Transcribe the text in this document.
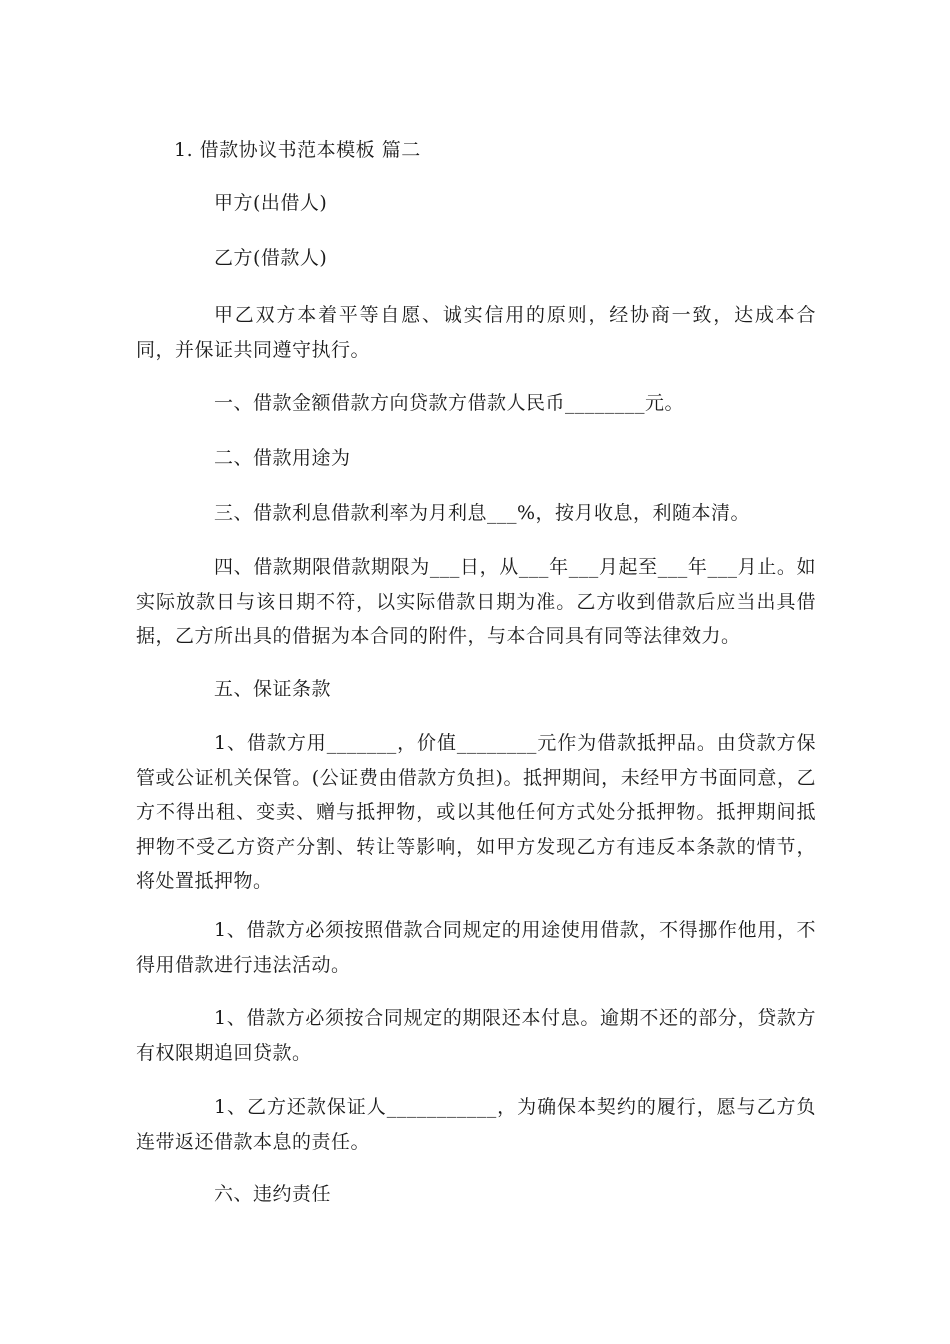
1. 借款协议书范本模板 篇二
甲方(出借人)
乙方(借款人)
甲乙双方本着平等自愿、诚实信用的原则，经协商一致，达成本合同，并保证共同遵守执行。
一、借款金额借款方向贷款方借款人民币________元。
二、借款用途为
三、借款利息借款利率为月利息___%，按月收息，利随本清。
四、借款期限借款期限为___日，从___年___月起至___年___月止。如实际放款日与该日期不符，以实际借款日期为准。乙方收到借款后应当出具借据，乙方所出具的借据为本合同的附件，与本合同具有同等法律效力。
五、保证条款
1、借款方用_______，价值________元作为借款抵押品。由贷款方保管或公证机关保管。(公证费由借款方负担)。抵押期间，未经甲方书面同意，乙方不得出租、变卖、赠与抵押物，或以其他任何方式处分抵押物。抵押期间抵押物不受乙方资产分割、转让等影响，如甲方发现乙方有违反本条款的情节，将处置抵押物。
1、借款方必须按照借款合同规定的用途使用借款，不得挪作他用，不得用借款进行违法活动。
1、借款方必须按合同规定的期限还本付息。逾期不还的部分，贷款方有权限期追回贷款。
1、乙方还款保证人___________，为确保本契约的履行，愿与乙方负连带返还借款本息的责任。
六、违约责任
